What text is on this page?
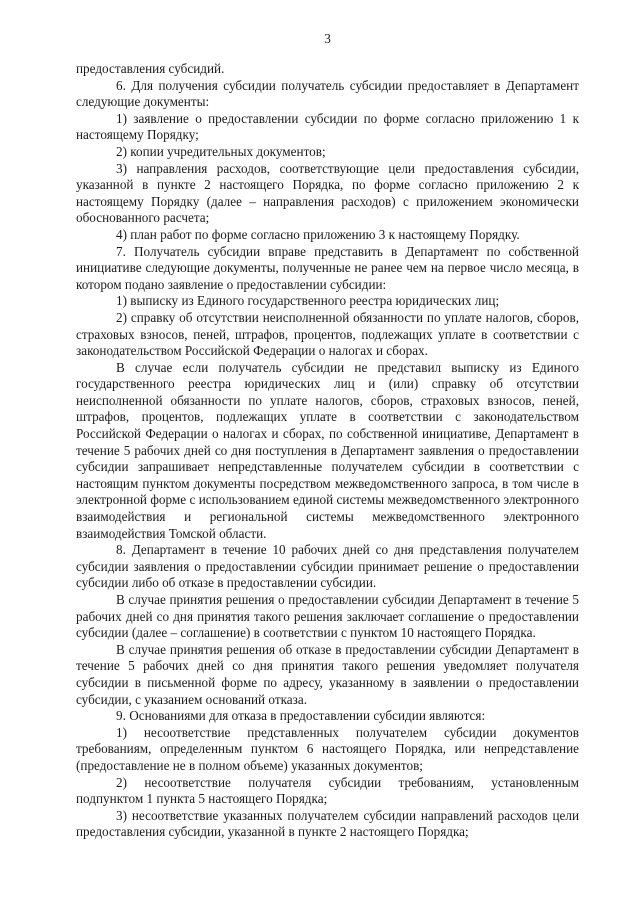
3

предоставления субсидий.

6. Для получения субсидии получатель субсидии предоставляет в Департамент следующие документы:

1) заявление о предоставлении субсидии по форме согласно приложению 1 к настоящему Порядку;

2) копии учредительных документов;

3) направления расходов, соответствующие цели предоставления субсидии, указанной в пункте 2 настоящего Порядка, по форме согласно приложению 2 к настоящему Порядку (далее – направления расходов) с приложением экономически обоснованного расчета;

4) план работ по форме согласно приложению 3 к настоящему Порядку.

7. Получатель субсидии вправе представить в Департамент по собственной инициативе следующие документы, полученные не ранее чем на первое число месяца, в котором подано заявление о предоставлении субсидии:

1) выписку из Единого государственного реестра юридических лиц;

2) справку об отсутствии неисполненной обязанности по уплате налогов, сборов, страховых взносов, пеней, штрафов, процентов, подлежащих уплате в соответствии с законодательством Российской Федерации о налогах и сборах.

В случае если получатель субсидии не представил выписку из Единого государственного реестра юридических лиц и (или) справку об отсутствии неисполненной обязанности по уплате налогов, сборов, страховых взносов, пеней, штрафов, процентов, подлежащих уплате в соответствии с законодательством Российской Федерации о налогах и сборах, по собственной инициативе, Департамент в течение 5 рабочих дней со дня поступления в Департамент заявления о предоставлении субсидии запрашивает непредставленные получателем субсидии в соответствии с настоящим пунктом документы посредством межведомственного запроса, в том числе в электронной форме с использованием единой системы межведомственного электронного взаимодействия и региональной системы межведомственного электронного взаимодействия Томской области.

8. Департамент в течение 10 рабочих дней со дня представления получателем субсидии заявления о предоставлении субсидии принимает решение о предоставлении субсидии либо об отказе в предоставлении субсидии.

В случае принятия решения о предоставлении субсидии Департамент в течение 5 рабочих дней со дня принятия такого решения заключает соглашение о предоставлении субсидии (далее – соглашение) в соответствии с пунктом 10 настоящего Порядка.

В случае принятия решения об отказе в предоставлении субсидии Департамент в течение 5 рабочих дней со дня принятия такого решения уведомляет получателя субсидии в письменной форме по адресу, указанному в заявлении о предоставлении субсидии, с указанием оснований отказа.

9. Основаниями для отказа в предоставлении субсидии являются:

1) несоответствие представленных получателем субсидии документов требованиям, определенным пунктом 6 настоящего Порядка, или непредставление (предоставление не в полном объеме) указанных документов;

2) несоответствие получателя субсидии требованиям, установленным подпунктом 1 пункта 5 настоящего Порядка;

3) несоответствие указанных получателем субсидии направлений расходов цели предоставления субсидии, указанной в пункте 2 настоящего Порядка;
